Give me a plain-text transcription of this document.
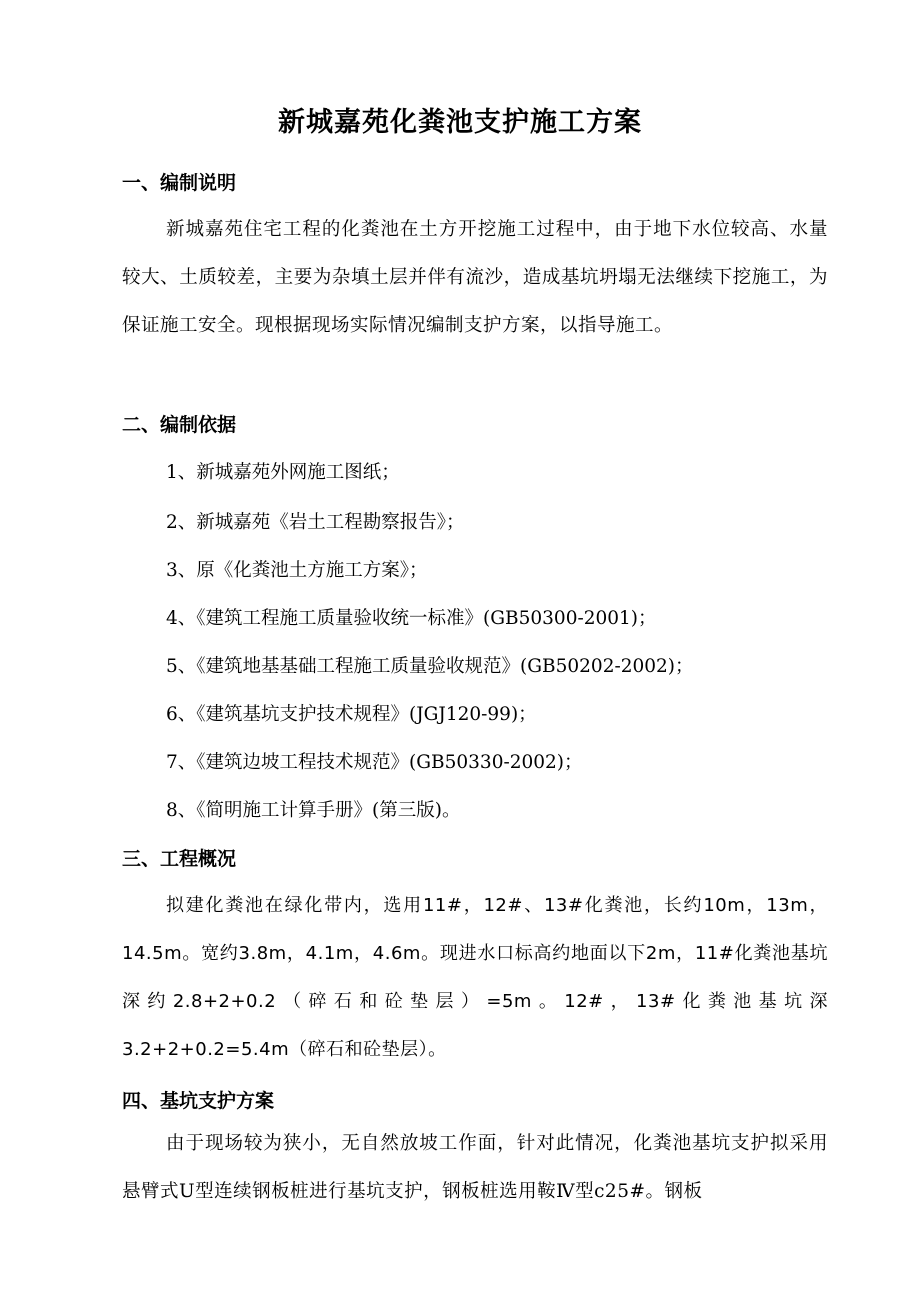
新城嘉苑化粪池支护施工方案
一、编制说明
新城嘉苑住宅工程的化粪池在土方开挖施工过程中，由于地下水位较高、水量较大、土质较差，主要为杂填土层并伴有流沙，造成基坑坍塌无法继续下挖施工，为保证施工安全。现根据现场实际情况编制支护方案，以指导施工。
二、编制依据
1、新城嘉苑外网施工图纸；
2、新城嘉苑《岩土工程勘察报告》；
3、原《化粪池土方施工方案》；
4、《建筑工程施工质量验收统一标准》(GB50300-2001)；
5、《建筑地基基础工程施工质量验收规范》(GB50202-2002)；
6、《建筑基坑支护技术规程》(JGJ120-99)；
7、《建筑边坡工程技术规范》(GB50330-2002)；
8、《简明施工计算手册》(第三版)。
三、工程概况
拟建化粪池在绿化带内，选用11#，12#、13#化粪池，长约10m，13m，14.5m。宽约3.8m，4.1m，4.6m。现进水口标高约地面以下2m，11#化粪池基坑深约2.8+2+0.2（碎石和砼垫层）=5m。12#，13#化粪池基坑深3.2+2+0.2=5.4m（碎石和砼垫层）。
四、基坑支护方案
由于现场较为狭小，无自然放坡工作面，针对此情况，化粪池基坑支护拟采用悬臂式U型连续钢板桩进行基坑支护，钢板桩选用鞍Ⅳ型c25#。钢板
